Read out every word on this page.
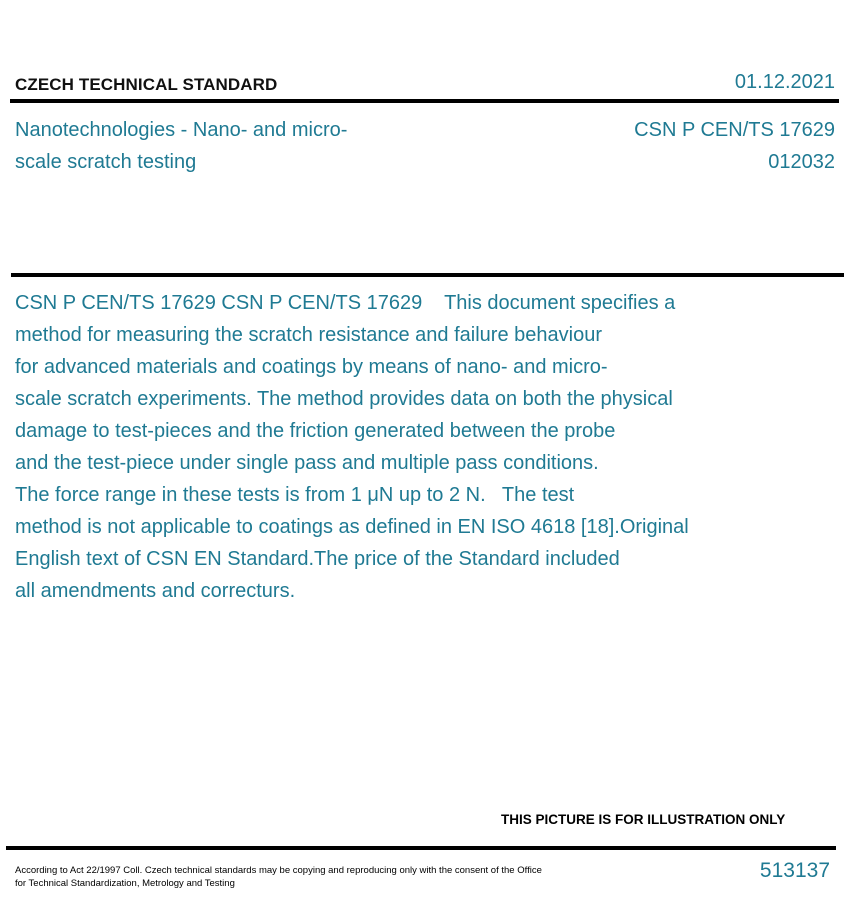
CZECH TECHNICAL STANDARD	01.12.2021
Nanotechnologies - Nano- and micro-
scale scratch testing
CSN P CEN/TS 17629
012032
CSN P CEN/TS 17629 CSN P CEN/TS 17629    This document specifies a
method for measuring the scratch resistance and failure behaviour
for advanced materials and coatings by means of nano- and micro-
scale scratch experiments. The method provides data on both the physical
damage to test-pieces and the friction generated between the probe
and the test-piece under single pass and multiple pass conditions.
The force range in these tests is from 1 μN up to 2 N.   The test
method is not applicable to coatings as defined in EN ISO 4618 [18].Original
English text of CSN EN Standard.The price of the Standard included
all amendments and correcturs.
THIS PICTURE IS FOR ILLUSTRATION ONLY
According to Act 22/1997 Coll. Czech technical standards may be copying and reproducing only with the consent of the Office
for Technical Standardization, Metrology and Testing
513137
